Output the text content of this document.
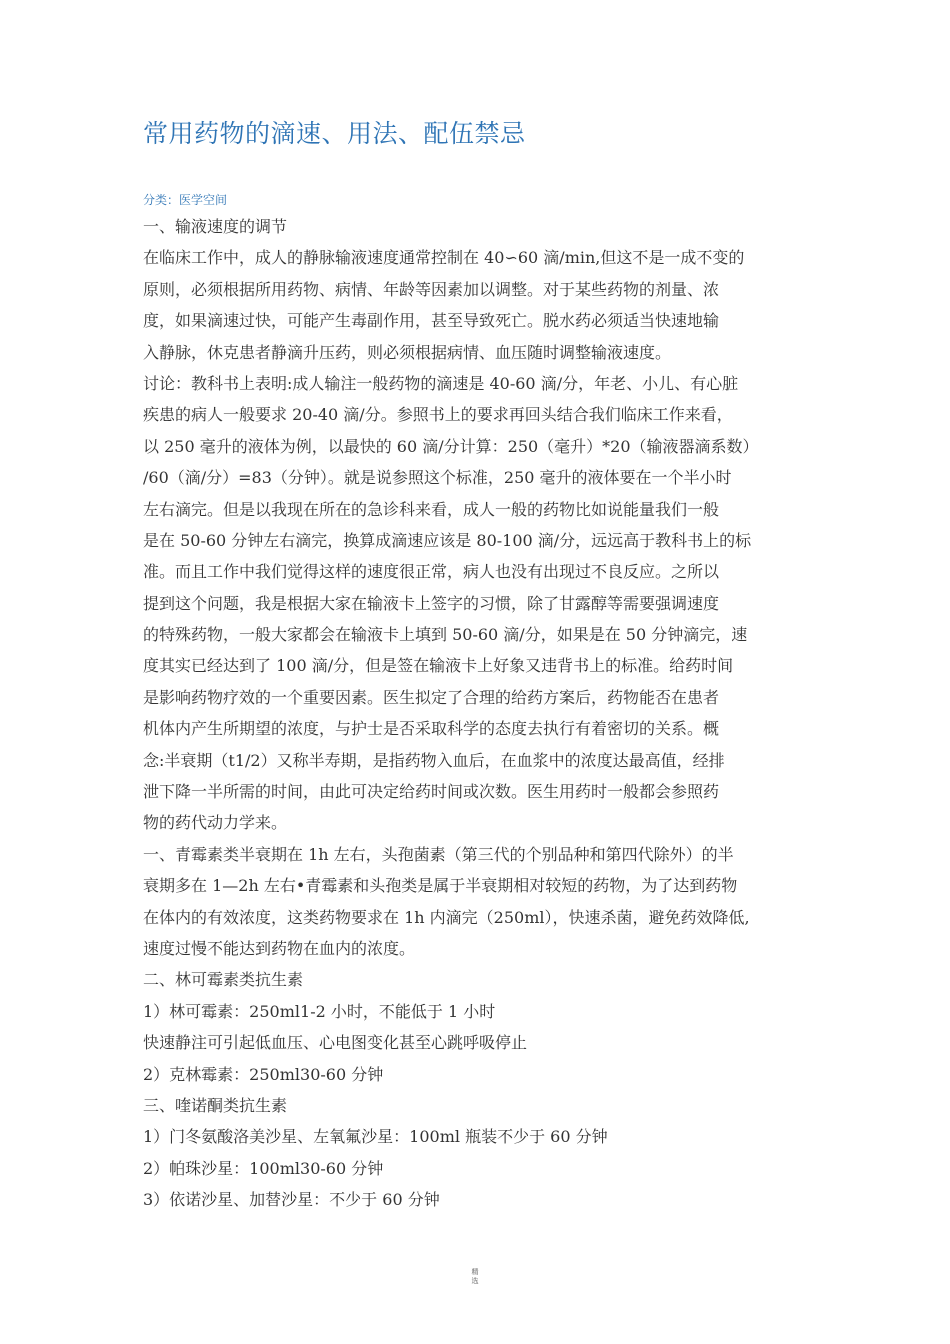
常用药物的滴速、用法、配伍禁忌
分类：医学空间
一、输液速度的调节
在临床工作中，成人的静脉输液速度通常控制在 40∽60 滴/min,但这不是一成不变的
原则，必须根据所用药物、病情、年龄等因素加以调整。对于某些药物的剂量、浓
度，如果滴速过快，可能产生毒副作用，甚至导致死亡。脱水药必须适当快速地输
入静脉，休克患者静滴升压药，则必须根据病情、血压随时调整输液速度。
讨论：教科书上表明:成人输注一般药物的滴速是 40-60 滴/分，年老、小儿、有心脏
疾患的病人一般要求 20-40 滴/分。参照书上的要求再回头结合我们临床工作来看，
以 250 毫升的液体为例，以最快的 60 滴/分计算：250（毫升）*20（输液器滴系数）
/60（滴/分）=83（分钟）。就是说参照这个标准，250 毫升的液体要在一个半小时
左右滴完。但是以我现在所在的急诊科来看，成人一般的药物比如说能量我们一般
是在 50-60 分钟左右滴完，换算成滴速应该是 80-100 滴/分，远远高于教科书上的标
准。而且工作中我们觉得这样的速度很正常，病人也没有出现过不良反应。之所以
提到这个问题，我是根据大家在输液卡上签字的习惯，除了甘露醇等需要强调速度
的特殊药物，一般大家都会在输液卡上填到 50-60 滴/分，如果是在 50 分钟滴完，速
度其实已经达到了 100 滴/分，但是签在输液卡上好象又违背书上的标准。给药时间
是影响药物疗效的一个重要因素。医生拟定了合理的给药方案后，药物能否在患者
机体内产生所期望的浓度，与护士是否采取科学的态度去执行有着密切的关系。概
念:半衰期（t1/2）又称半寿期，是指药物入血后，在血浆中的浓度达最高值，经排
泄下降一半所需的时间，由此可决定给药时间或次数。医生用药时一般都会参照药
物的药代动力学来。
一、青霉素类半衰期在 1h 左右，头孢菌素（第三代的个别品种和第四代除外）的半
衰期多在 1—2h 左右•青霉素和头孢类是属于半衰期相对较短的药物，为了达到药物
在体内的有效浓度，这类药物要求在 1h 内滴完（250ml），快速杀菌，避免药效降低,
速度过慢不能达到药物在血内的浓度。
二、林可霉素类抗生素
1）林可霉素：250ml1-2 小时，不能低于 1 小时
快速静注可引起低血压、心电图变化甚至心跳呼吸停止
2）克林霉素：250ml30-60 分钟
三、喹诺酮类抗生素
1）门冬氨酸洛美沙星、左氧氟沙星：100ml 瓶装不少于 60 分钟
2）帕珠沙星：100ml30-60 分钟
3）依诺沙星、加替沙星：不少于 60 分钟
精选
